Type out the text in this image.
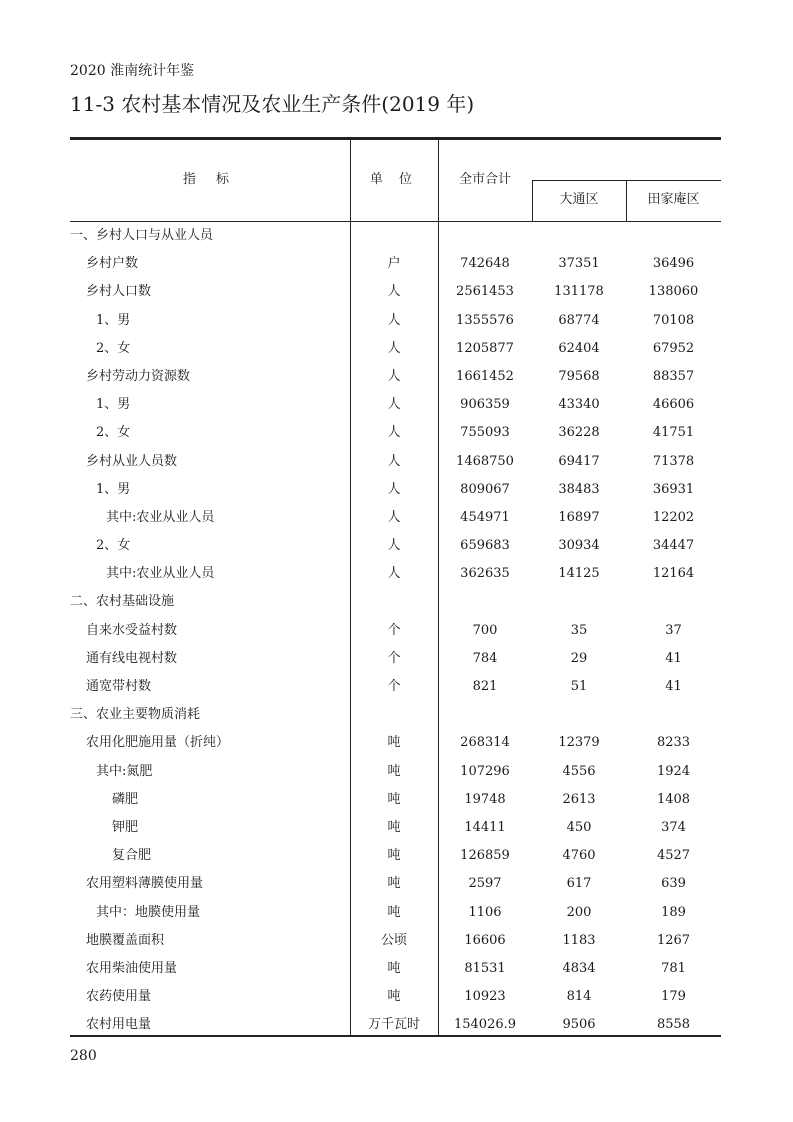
2020 淮南统计年鉴
11-3 农村基本情况及农业生产条件(2019 年)
指 标	单 位	全市合计
大通区	田家庵区
一、乡村人口与从业人员
乡村户数	户	742648	37351	36496
乡村人口数	人	2561453	131178	138060
1、男	人	1355576	68774	70108
2、女	人	1205877	62404	67952
乡村劳动力资源数	人	1661452	79568	88357
1、男	人	906359	43340	46606
2、女	人	755093	36228	41751
乡村从业人员数	人	1468750	69417	71378
1、男	人	809067	38483	36931
其中:农业从业人员	人	454971	16897	12202
2、女	人	659683	30934	34447
其中:农业从业人员	人	362635	14125	12164
二、农村基础设施
自来水受益村数	个	700	35	37
通有线电视村数	个	784	29	41
通宽带村数	个	821	51	41
三、农业主要物质消耗
农用化肥施用量（折纯）	吨	268314	12379	8233
其中:氮肥	吨	107296	4556	1924
磷肥	吨	19748	2613	1408
钾肥	吨	14411	450	374
复合肥	吨	126859	4760	4527
农用塑料薄膜使用量	吨	2597	617	639
其中：地膜使用量	吨	1106	200	189
地膜覆盖面积	公顷	16606	1183	1267
农用柴油使用量	吨	81531	4834	781
农药使用量	吨	10923	814	179
农村用电量	万千瓦时	154026.9	9506	8558
280
